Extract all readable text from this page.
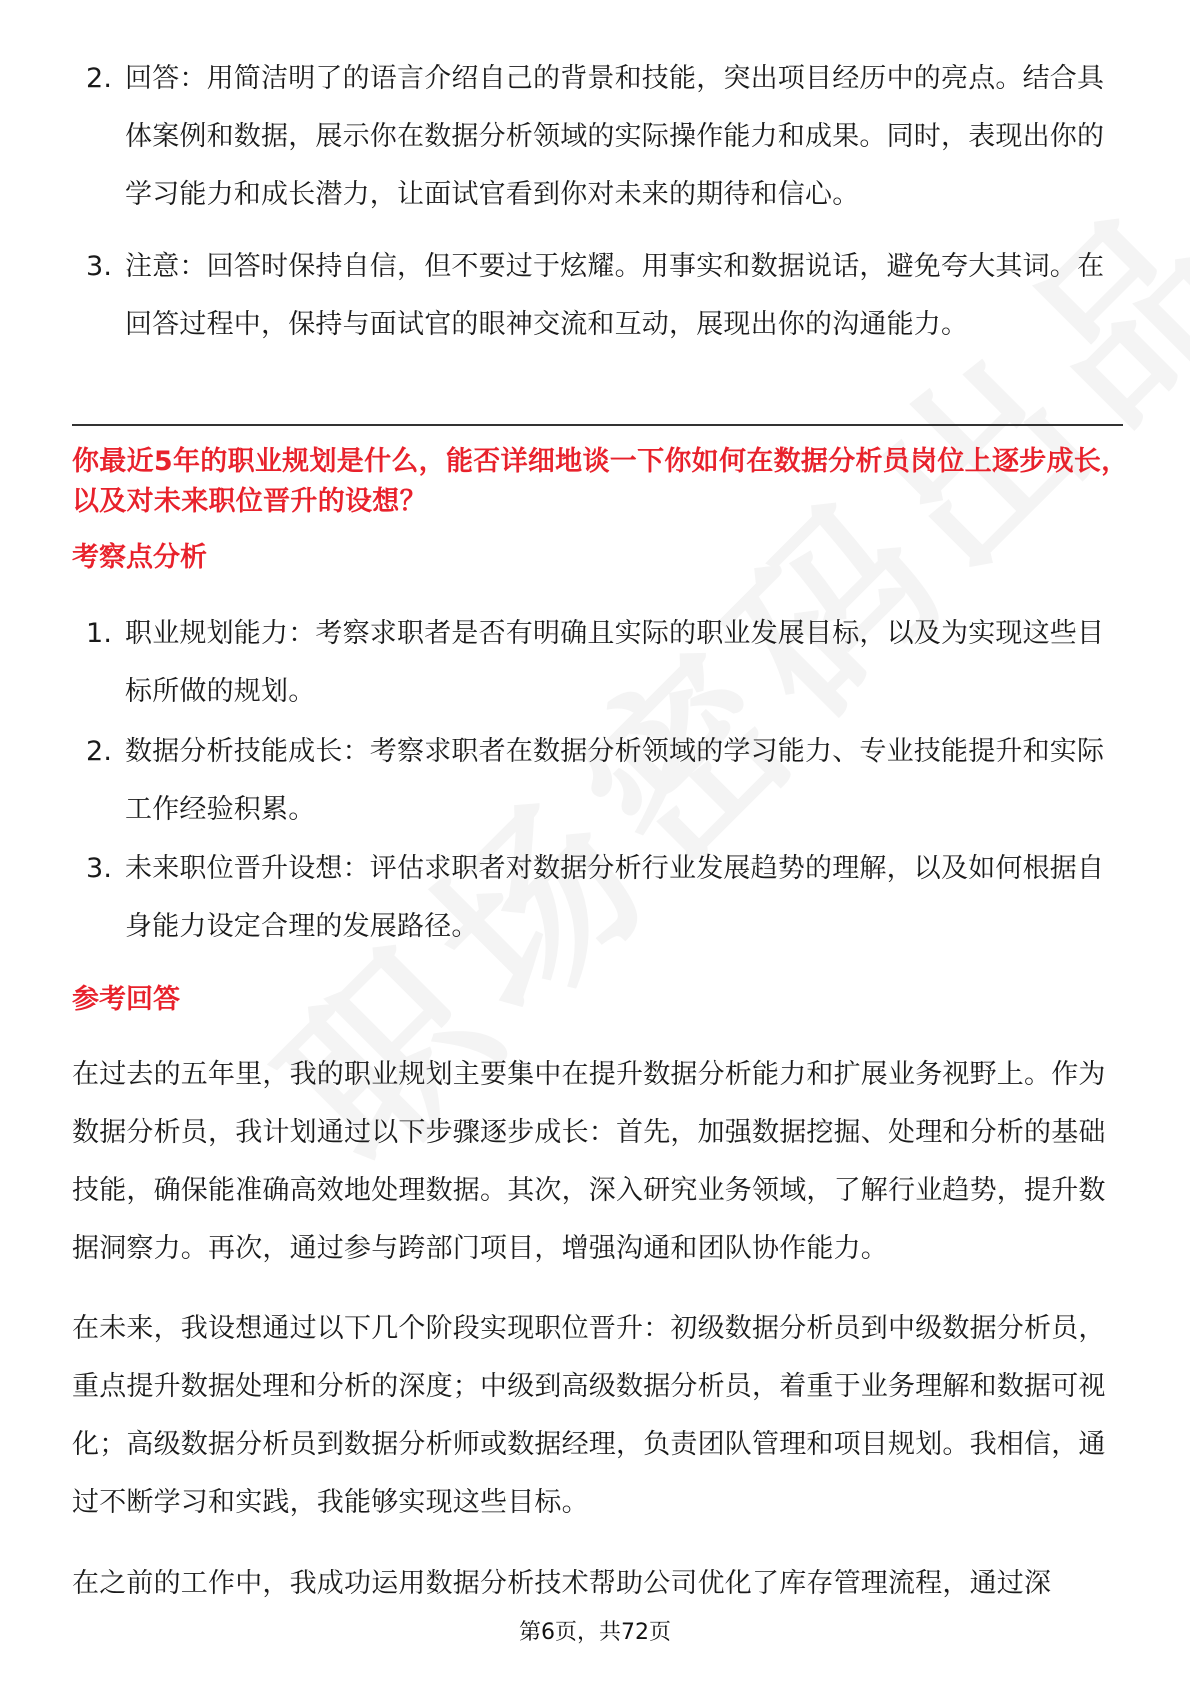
2. 回答：用简洁明了的语言介绍自己的背景和技能，突出项目经历中的亮点。结合具体案例和数据，展示你在数据分析领域的实际操作能力和成果。同时，表现出你的学习能力和成长潜力，让面试官看到你对未来的期待和信心。
3. 注意：回答时保持自信，但不要过于炫耀。用事实和数据说话，避免夸大其词。在回答过程中，保持与面试官的眼神交流和互动，展现出你的沟通能力。
你最近5年的职业规划是什么，能否详细地谈一下你如何在数据分析员岗位上逐步成长，以及对未来职位晋升的设想？
考察点分析
1. 职业规划能力：考察求职者是否有明确且实际的职业发展目标，以及为实现这些目标所做的规划。
2. 数据分析技能成长：考察求职者在数据分析领域的学习能力、专业技能提升和实际工作经验积累。
3. 未来职位晋升设想：评估求职者对数据分析行业发展趋势的理解，以及如何根据自身能力设定合理的发展路径。
参考回答
在过去的五年里，我的职业规划主要集中在提升数据分析能力和扩展业务视野上。作为数据分析员，我计划通过以下步骤逐步成长：首先，加强数据挖掘、处理和分析的基础技能，确保能准确高效地处理数据。其次，深入研究业务领域，了解行业趋势，提升数据洞察力。再次，通过参与跨部门项目，增强沟通和团队协作能力。
在未来，我设想通过以下几个阶段实现职位晋升：初级数据分析员到中级数据分析员，重点提升数据处理和分析的深度；中级到高级数据分析员，着重于业务理解和数据可视化；高级数据分析员到数据分析师或数据经理，负责团队管理和项目规划。我相信，通过不断学习和实践，我能够实现这些目标。
在之前的工作中，我成功运用数据分析技术帮助公司优化了库存管理流程，通过深
第6页，共72页
